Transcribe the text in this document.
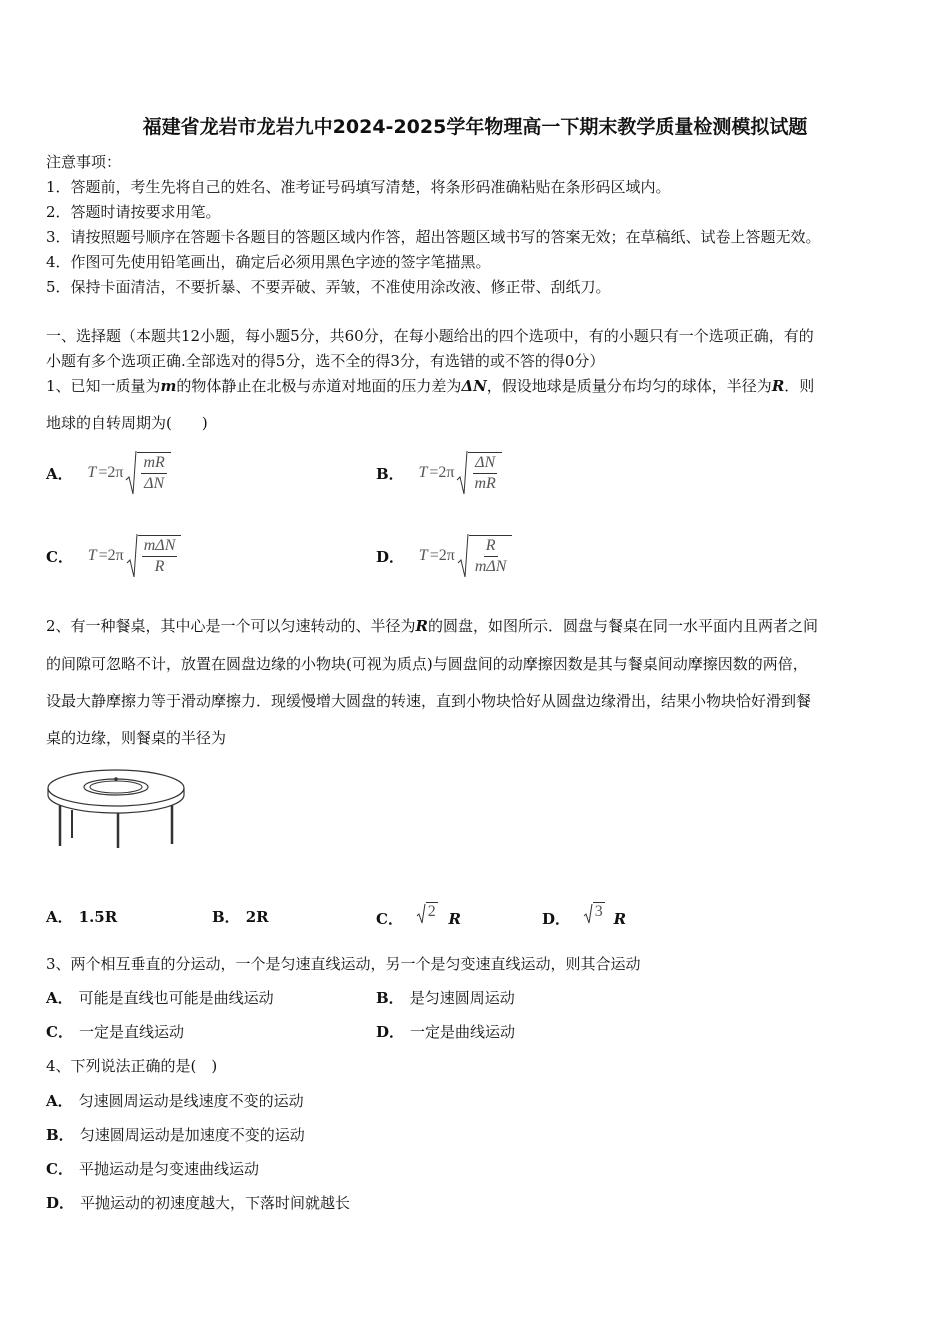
福建省龙岩市龙岩九中2024-2025学年物理高一下期末教学质量检测模拟试题
注意事项：
1．答题前，考生先将自己的姓名、准考证号码填写清楚，将条形码准确粘贴在条形码区域内。
2．答题时请按要求用笔。
3．请按照题号顺序在答题卡各题目的答题区域内作答，超出答题区域书写的答案无效；在草稿纸、试卷上答题无效。
4．作图可先使用铅笔画出，确定后必须用黑色字迹的签字笔描黑。
5．保持卡面清洁，不要折暴、不要弄破、弄皱，不准使用涂改液、修正带、刮纸刀。
一、选择题（本题共12小题，每小题5分，共60分，在每小题给出的四个选项中，有的小题只有一个选项正确，有的
小题有多个选项正确.全部选对的得5分，选不全的得3分，有选错的或不答的得0分）
1、已知一质量为m的物体静止在北极与赤道对地面的压力差为ΔN，假设地球是质量分布均匀的球体，半径为R．则
地球的自转周期为(　　)
A． $T =2\pi \frac{mR}{\Delta N}$	B． $T =2\pi \frac{\Delta N}{mR}$
C． $T =2\pi \frac{\text{mΔN}}{R}$	D． $T =2\pi \frac{R}{\text{mΔN}}$
2、有一种餐桌，其中心是一个可以匀速转动的、半径为R的圆盘，如图所示．圆盘与餐桌在同一水平面内且两者之间
的间隙可忽略不计，放置在圆盘边缘的小物块(可视为质点)与圆盘间的动摩擦因数是其与餐桌间动摩擦因数的两倍，
设最大静摩擦力等于滑动摩擦力．现缓慢增大圆盘的转速，直到小物块恰好从圆盘边缘滑出，结果小物块恰好滑到餐
桌的边缘，则餐桌的半径为
A． 1.5R	B． 2R	C． 2 R	D． 3 R
3、两个相互垂直的分运动，一个是匀速直线运动，另一个是匀变速直线运动，则其合运动
A． 可能是直线也可能是曲线运动	B． 是匀速圆周运动
C． 一定是直线运动	D． 一定是曲线运动
4、下列说法正确的是(　)
A． 匀速圆周运动是线速度不变的运动
B． 匀速圆周运动是加速度不变的运动
C． 平抛运动是匀变速曲线运动
D． 平抛运动的初速度越大，下落时间就越长
